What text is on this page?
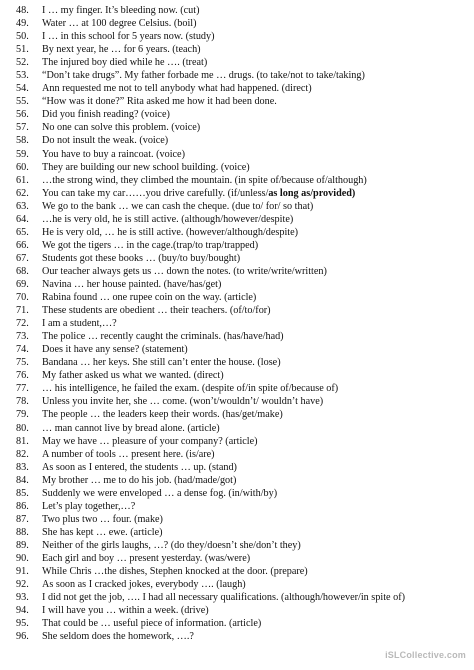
48.	I … my finger. It’s bleeding now. (cut)
49.	Water … at 100 degree Celsius. (boil)
50.	I … in this school for 5 years now. (study)
51.	By next year, he … for 6 years. (teach)
52.	The injured boy died while he …. (treat)
53.	“Don’t take drugs”. My father forbade me … drugs. (to take/not to take/taking)
54.	Ann requested me not to tell anybody what had happened. (direct)
55.	“How was it done?” Rita asked me how it had been done.
56.	Did you finish reading? (voice)
57.	No one can solve this problem. (voice)
58.	Do not insult the weak. (voice)
59.	You have to buy a raincoat. (voice)
60.	They are building our new school building. (voice)
61.	…the strong wind, they climbed the mountain. (in spite of/because of/although)
62.	You can take my car……you drive carefully. (if/unless/as long as/provided)
63.	We go to the bank … we can cash the cheque. (due to/ for/ so that)
64.	…he is very old, he is still active. (although/however/despite)
65.	He is very old, … he is still active. (however/although/despite)
66.	We got the tigers … in the cage.(trap/to trap/trapped)
67.	Students got these books … (buy/to buy/bought)
68.	Our teacher always gets us … down the notes. (to write/write/written)
69.	Navina … her house painted. (have/has/get)
70.	Rabina found … one rupee coin on the way. (article)
71.	These students are obedient … their teachers. (of/to/for)
72.	I am a student,…?
73.	The police … recently caught the criminals. (has/have/had)
74.	Does it have any sense? (statement)
75.	Bandana … her keys. She still can’t enter the house. (lose)
76.	My father asked us what we wanted. (direct)
77.	… his intelligence, he failed the exam. (despite of/in spite of/because of)
78.	Unless you invite her, she … come. (won’t/wouldn’t/ wouldn’t have)
79.	The people … the leaders keep their words. (has/get/make)
80.	… man cannot live by bread alone. (article)
81.	May we have … pleasure of your company? (article)
82.	A number of tools … present here. (is/are)
83.	As soon as I entered, the students … up. (stand)
84.	My brother … me to do his job. (had/made/got)
85.	Suddenly we were enveloped … a dense fog. (in/with/by)
86.	Let’s play together,…?
87.	Two plus two … four. (make)
88.	She has kept … ewe. (article)
89.	Neither of the girls laughs, …? (do they/doesn’t she/don’t they)
90.	Each girl and boy … present yesterday. (was/were)
91.	While Chris …the dishes, Stephen knocked at the door. (prepare)
92.	As soon as I cracked jokes, everybody …. (laugh)
93.	I did not get the job, …. I had all necessary qualifications. (although/however/in spite of)
94.	I will have you … within a week. (drive)
95.	That could be … useful piece of information. (article)
96.	She seldom does the homework, ….?
iSLCollective.com
